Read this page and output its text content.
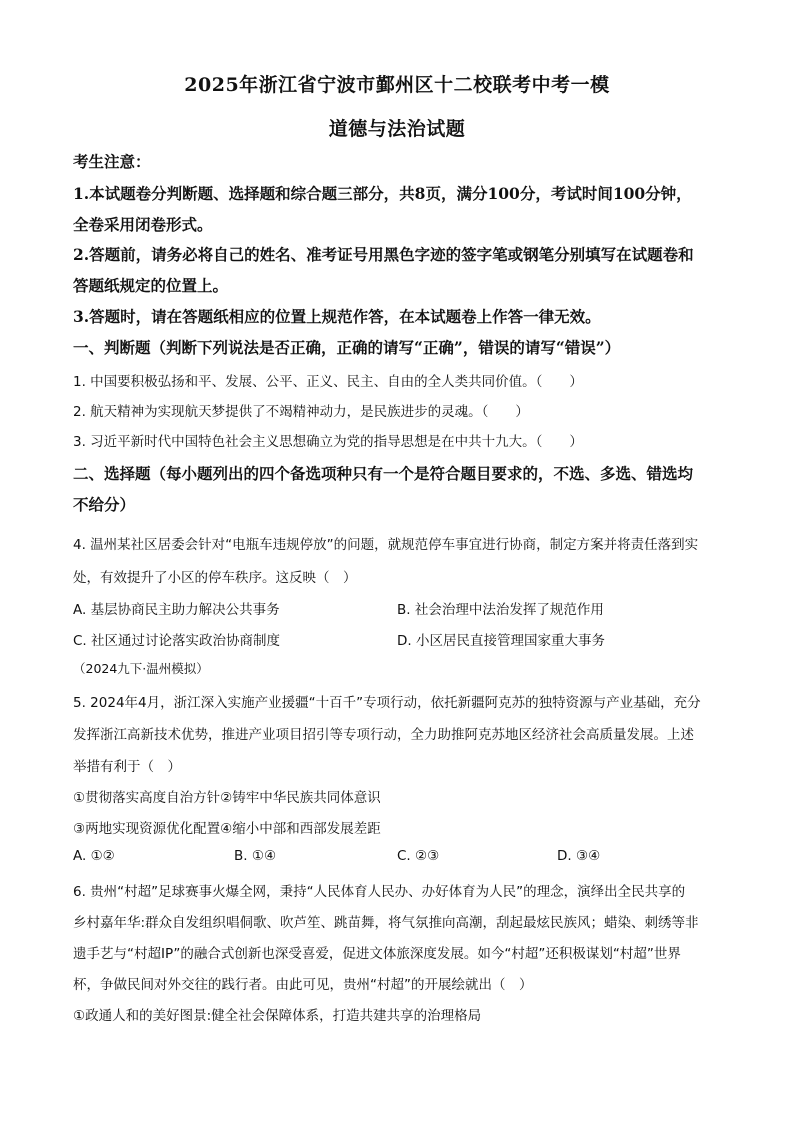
2025年浙江省宁波市鄞州区十二校联考中考一模
道德与法治试题
考生注意：
1.本试题卷分判断题、选择题和综合题三部分，共8页，满分100分，考试时间100分钟，
全卷采用闭卷形式。
2.答题前，请务必将自己的姓名、准考证号用黑色字迹的签字笔或钢笔分别填写在试题卷和
答题纸规定的位置上。
3.答题时，请在答题纸相应的位置上规范作答，在本试题卷上作答一律无效。
一、判断题（判断下列说法是否正确，正确的请写“正确”，错误的请写“错误”）
1. 中国要积极弘扬和平、发展、公平、正义、民主、自由的全人类共同价值。（　　）
2. 航天精神为实现航天梦提供了不竭精神动力，是民族进步的灵魂。（　　）
3. 习近平新时代中国特色社会主义思想确立为党的指导思想是在中共十九大。（　　）
二、选择题（每小题列出的四个备选项种只有一个是符合题目要求的，不选、多选、错选均
不给分）
4. 温州某社区居委会针对“电瓶车违规停放”的问题，就规范停车事宜进行协商，制定方案并将责任落到实
处，有效提升了小区的停车秩序。这反映（　）
A. 基层协商民主助力解决公共事务	B. 社会治理中法治发挥了规范作用
C. 社区通过讨论落实政治协商制度	D. 小区居民直接管理国家重大事务
（2024九下·温州模拟）
5. 2024年4月，浙江深入实施产业援疆“十百千”专项行动，依托新疆阿克苏的独特资源与产业基础，充分
发挥浙江高新技术优势，推进产业项目招引等专项行动，全力助推阿克苏地区经济社会高质量发展。上述
举措有利于（　）
①贯彻落实高度自治方针②铸牢中华民族共同体意识
③两地实现资源优化配置④缩小中部和西部发展差距
A. ①②	B. ①④	C. ②③	D. ③④
6. 贵州“村超”足球赛事火爆全网，秉持“人民体育人民办、办好体育为人民”的理念，演绎出全民共享的
乡村嘉年华:群众自发组织唱侗歌、吹芦笙、跳苗舞，将气氛推向高潮，刮起最炫民族风；蜡染、刺绣等非
遗手艺与“村超IP”的融合式创新也深受喜爱，促进文体旅深度发展。如今“村超”还积极谋划“村超”世界
杯，争做民间对外交往的践行者。由此可见，贵州“村超”的开展绘就出（　）
①政通人和的美好图景:健全社会保障体系，打造共建共享的治理格局
